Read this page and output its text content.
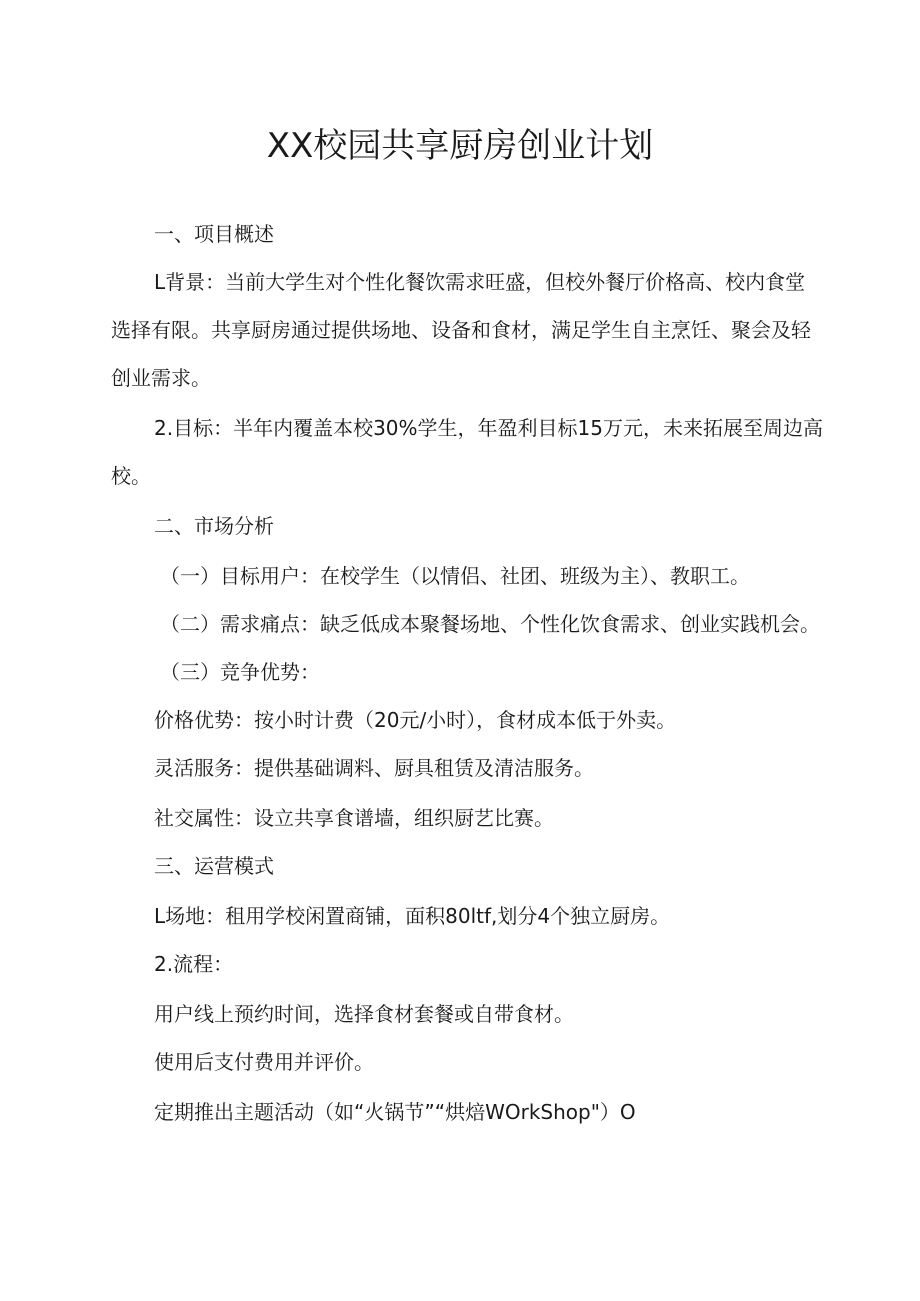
XX校园共享厨房创业计划

一、项目概述

L背景：当前大学生对个性化餐饮需求旺盛，但校外餐厅价格高、校内食堂

选择有限。共享厨房通过提供场地、设备和食材，满足学生自主烹饪、聚会及轻

创业需求。

2.目标：半年内覆盖本校30%学生，年盈利目标15万元，未来拓展至周边高

校。

二、市场分析

（一）目标用户：在校学生（以情侣、社团、班级为主）、教职工。

（二）需求痛点：缺乏低成本聚餐场地、个性化饮食需求、创业实践机会。

（三）竞争优势：

价格优势：按小时计费（20元/小时），食材成本低于外卖。

灵活服务：提供基础调料、厨具租赁及清洁服务。

社交属性：设立共享食谱墙，组织厨艺比赛。

三、运营模式

L场地：租用学校闲置商铺，面积80ltf,划分4个独立厨房。

2.流程：

用户线上预约时间，选择食材套餐或自带食材。

使用后支付费用并评价。

定期推出主题活动（如“火锅节”“烘焙WOrkShop"）O
